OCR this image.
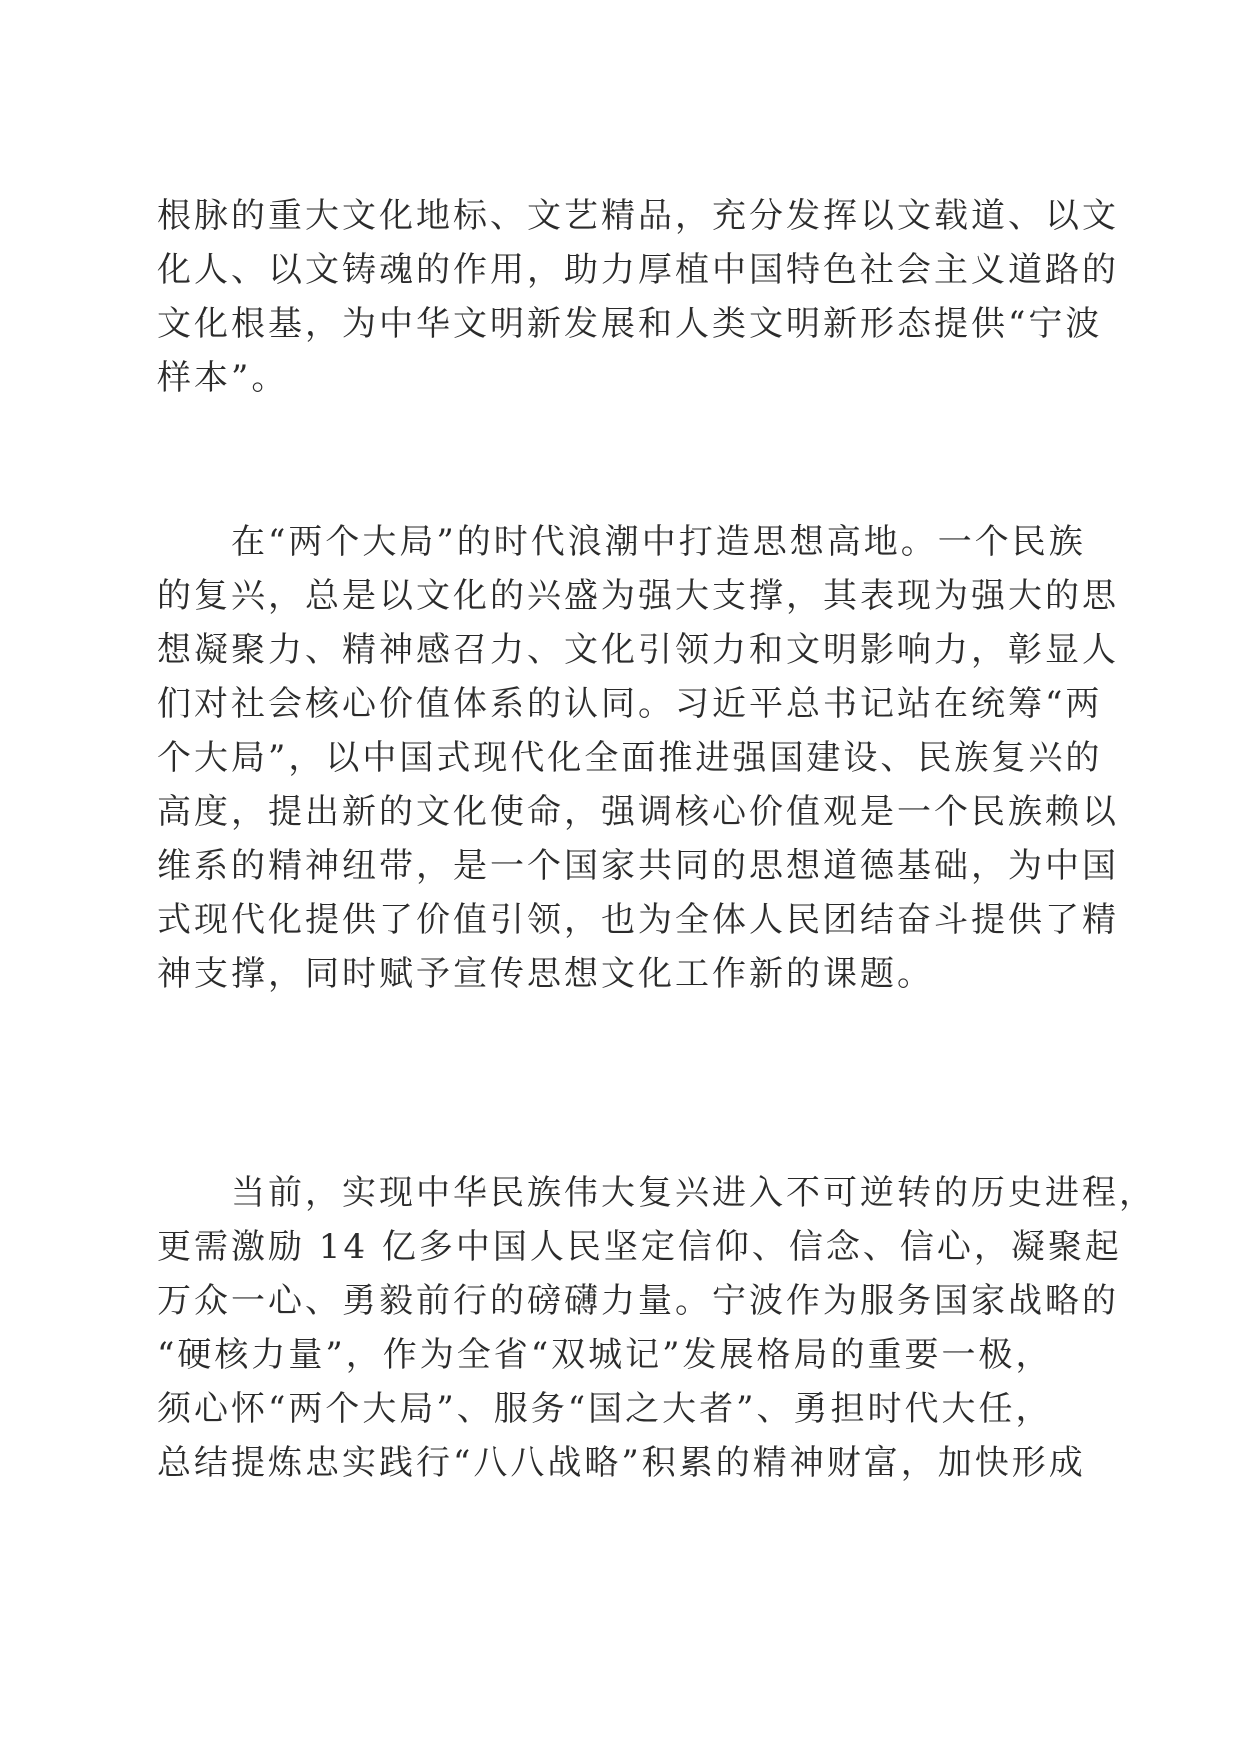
根脉的重大文化地标、文艺精品，充分发挥以文载道、以文
化人、以文铸魂的作用，助力厚植中国特色社会主义道路的
文化根基，为中华文明新发展和人类文明新形态提供“宁波
样本”。
　　在“两个大局”的时代浪潮中打造思想高地。一个民族
的复兴，总是以文化的兴盛为强大支撑，其表现为强大的思
想凝聚力、精神感召力、文化引领力和文明影响力，彰显人
们对社会核心价值体系的认同。习近平总书记站在统筹“两
个大局”，以中国式现代化全面推进强国建设、民族复兴的
高度，提出新的文化使命，强调核心价值观是一个民族赖以
维系的精神纽带，是一个国家共同的思想道德基础，为中国
式现代化提供了价值引领，也为全体人民团结奋斗提供了精
神支撑，同时赋予宣传思想文化工作新的课题。
　　当前，实现中华民族伟大复兴进入不可逆转的历史进程，
更需激励 14 亿多中国人民坚定信仰、信念、信心，凝聚起
万众一心、勇毅前行的磅礴力量。宁波作为服务国家战略的
“硬核力量”，作为全省“双城记”发展格局的重要一极，
须心怀“两个大局”、服务“国之大者”、勇担时代大任，
总结提炼忠实践行“八八战略”积累的精神财富，加快形成
